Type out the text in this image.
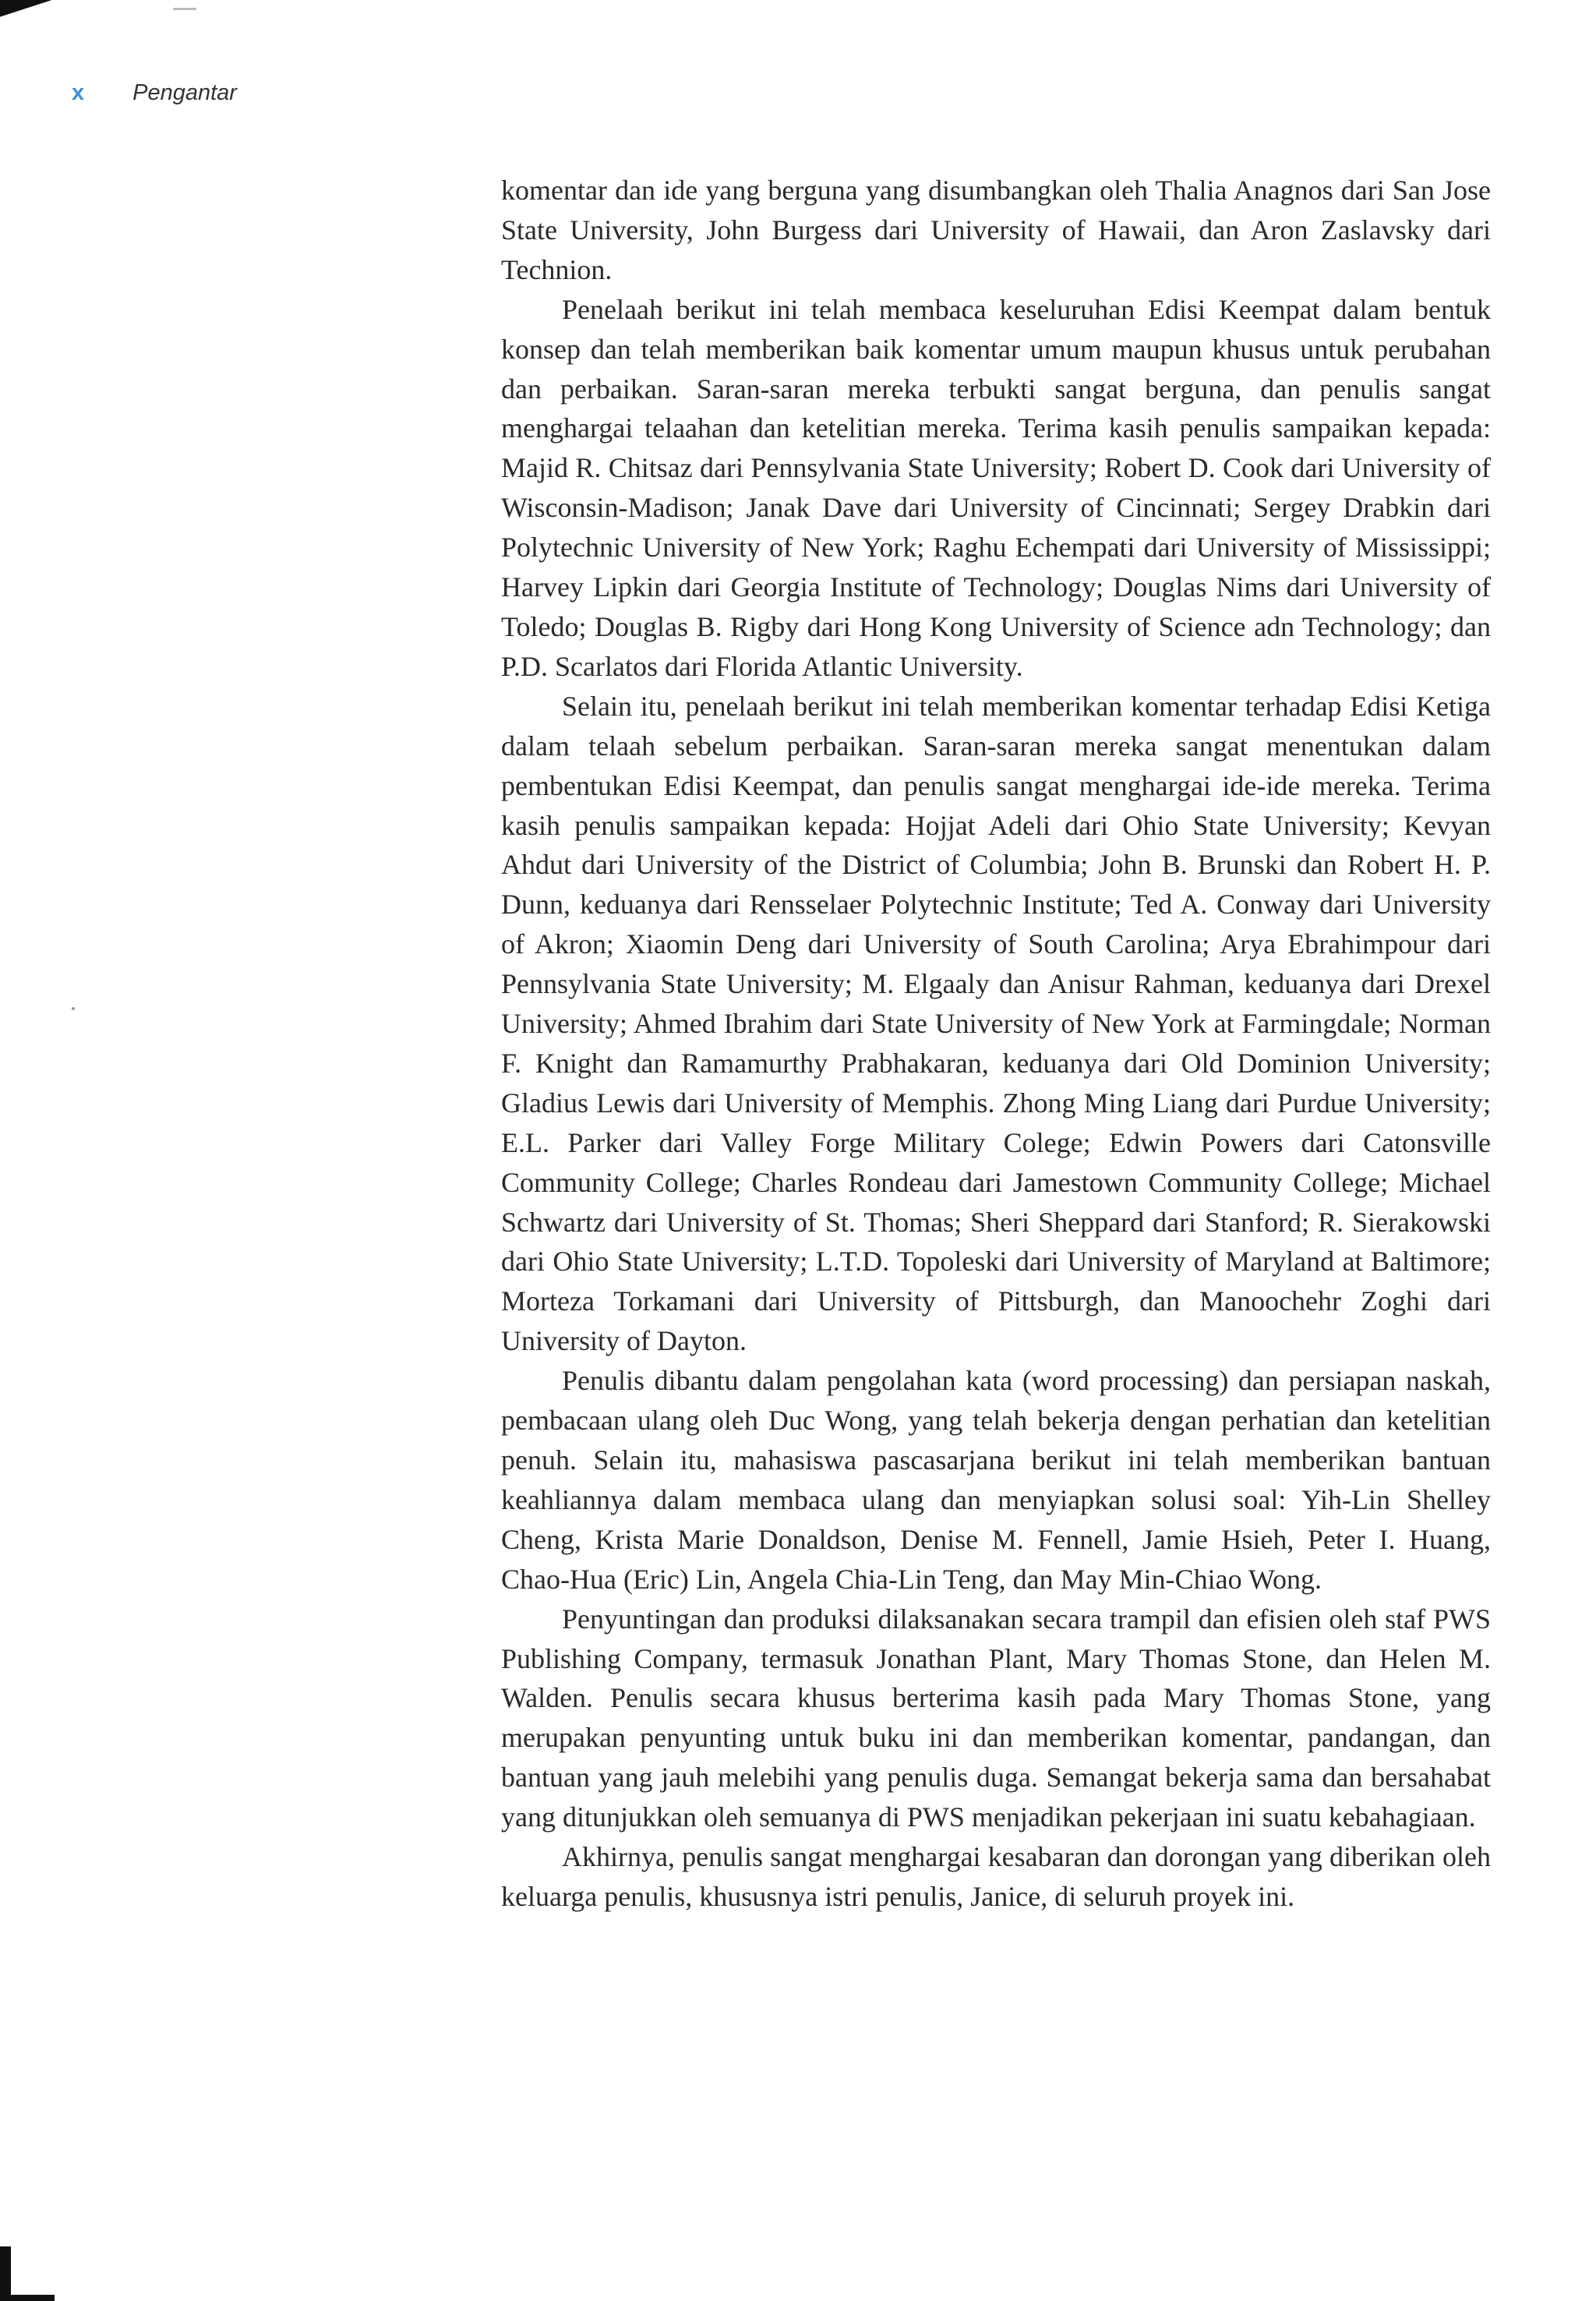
x Pengantar

komentar dan ide yang berguna yang disumbangkan oleh Thalia Anagnos dari San Jose State University, John Burgess dari University of Hawaii, dan Aron Zaslavsky dari Technion.

Penelaah berikut ini telah membaca keseluruhan Edisi Keempat dalam bentuk konsep dan telah memberikan baik komentar umum maupun khusus untuk perubahan dan perbaikan. Saran-saran mereka terbukti sangat berguna, dan penulis sangat menghargai telaahan dan ketelitian mereka. Terima kasih penulis sampaikan kepada: Majid R. Chitsaz dari Pennsylvania State University; Robert D. Cook dari University of Wisconsin-Madison; Janak Dave dari University of Cincinnati; Sergey Drabkin dari Polytechnic University of New York; Raghu Echempati dari University of Mississippi; Harvey Lipkin dari Georgia Institute of Technology; Douglas Nims dari University of Toledo; Douglas B. Rigby dari Hong Kong University of Science adn Technology; dan P.D. Scarlatos dari Florida Atlantic University.

Selain itu, penelaah berikut ini telah memberikan komentar terhadap Edisi Ketiga dalam telaah sebelum perbaikan. Saran-saran mereka sangat menentukan dalam pembentukan Edisi Keempat, dan penulis sangat menghargai ide-ide mereka. Terima kasih penulis sampaikan kepada: Hojjat Adeli dari Ohio State University; Kevyan Ahdut dari University of the District of Columbia; John B. Brunski dan Robert H. P. Dunn, keduanya dari Rensselaer Polytechnic Institute; Ted A. Conway dari University of Akron; Xiaomin Deng dari University of South Carolina; Arya Ebrahimpour dari Pennsylvania State University; M. Elgaaly dan Anisur Rahman, keduanya dari Drexel University; Ahmed Ibrahim dari State University of New York at Farmingdale; Norman F. Knight dan Ramamurthy Prabhakaran, keduanya dari Old Dominion University; Gladius Lewis dari University of Memphis. Zhong Ming Liang dari Purdue University; E.L. Parker dari Valley Forge Military Colege; Edwin Powers dari Catonsville Community College; Charles Rondeau dari Jamestown Community College; Michael Schwartz dari University of St. Thomas; Sheri Sheppard dari Stanford; R. Sierakowski dari Ohio State University; L.T.D. Topoleski dari University of Maryland at Baltimore; Morteza Torkamani dari University of Pittsburgh, dan Manoochehr Zoghi dari University of Dayton.

Penulis dibantu dalam pengolahan kata (word processing) dan persiapan naskah, pembacaan ulang oleh Duc Wong, yang telah bekerja dengan perhatian dan ketelitian penuh. Selain itu, mahasiswa pascasarjana berikut ini telah memberikan bantuan keahliannya dalam membaca ulang dan menyiapkan solusi soal: Yih-Lin Shelley Cheng, Krista Marie Donaldson, Denise M. Fennell, Jamie Hsieh, Peter I. Huang, Chao-Hua (Eric) Lin, Angela Chia-Lin Teng, dan May Min-Chiao Wong.

Penyuntingan dan produksi dilaksanakan secara trampil dan efisien oleh staf PWS Publishing Company, termasuk Jonathan Plant, Mary Thomas Stone, dan Helen M. Walden. Penulis secara khusus berterima kasih pada Mary Thomas Stone, yang merupakan penyunting untuk buku ini dan memberikan komentar, pandangan, dan bantuan yang jauh melebihi yang penulis duga. Semangat bekerja sama dan bersahabat yang ditunjukkan oleh semuanya di PWS menjadikan pekerjaan ini suatu kebahagiaan.

Akhirnya, penulis sangat menghargai kesabaran dan dorongan yang diberikan oleh keluarga penulis, khususnya istri penulis, Janice, di seluruh proyek ini.
